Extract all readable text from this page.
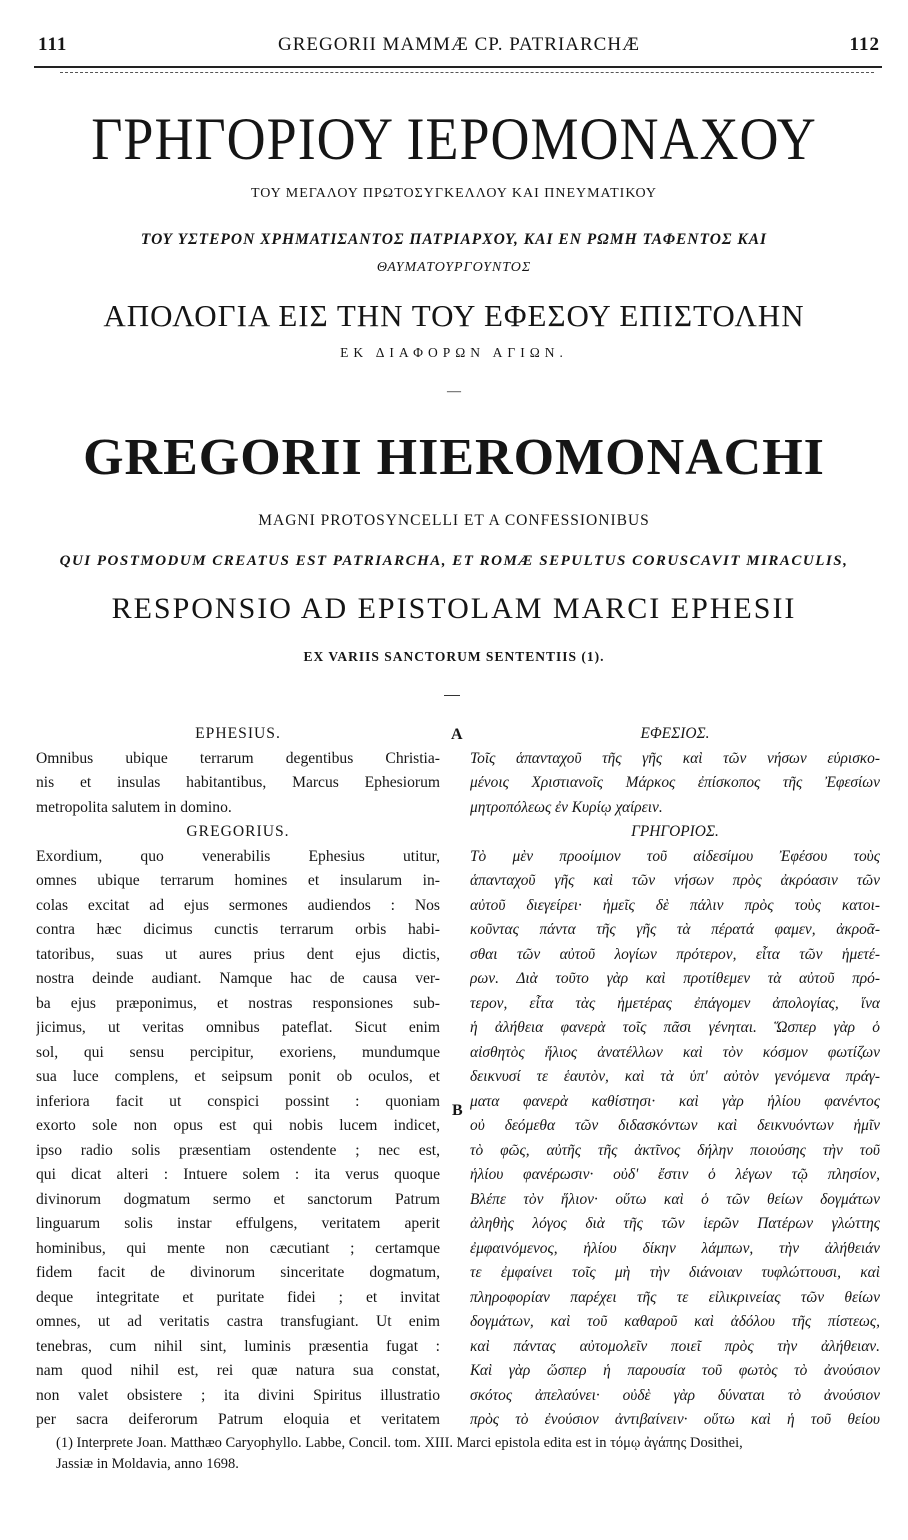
111	GREGORII MAMMÆ CP. PATRIARCHÆ	112
ΓΡΗΓΟΡΙΟΥ ΙΕΡΟΜΟΝΑΧΟΥ
ΤΟΥ ΜΕΓΑΛΟΥ ΠΡΩΤΟΣΥΓΚΕΛΛΟΥ ΚΑΙ ΠΝΕΥΜΑΤΙΚΟΥ
ΤΟΥ ΥΣΤΕΡΟΝ ΧΡΗΜΑΤΙΣΑΝΤΟΣ ΠΑΤΡΙΑΡΧΟΥ, ΚΑΙ ΕΝ ΡΩΜΗ ΤΑΦΕΝΤΟΣ ΚΑΙ
ΘΑΥΜΑΤΟΥΡΓΟΥΝΤΟΣ
ΑΠΟΛΟΓΙΑ ΕΙΣ ΤΗΝ ΤΟΥ ΕΦΕΣΟΥ ΕΠΙΣΤΟΛΗΝ
ΕΚ ΔΙΑΦΟΡΩΝ ΑΓΙΩΝ.
—
GREGORII HIEROMONACHI
MAGNI PROTOSYNCELLI ET A CONFESSIONIBUS
QUI POSTMODUM CREATUS EST PATRIARCHA, ET ROMÆ SEPULTUS CORUSCAVIT MIRACULIS,
RESPONSIO AD EPISTOLAM MARCI EPHESII
EX VARIIS SANCTORUM SENTENTIIS (1).
A
B
EPHESIUS.

Omnibus ubique terrarum degentibus Christia-
nis et insulas habitantibus, Marcus Ephesiorum
metropolita salutem in domino.

GREGORIUS.

Exordium, quo venerabilis Ephesius utitur,
omnes ubique terrarum homines et insularum in-
colas excitat ad ejus sermones audiendos : Nos
contra hæc dicimus cunctis terrarum orbis habi-
tatoribus, suas ut aures prius dent ejus dictis,
nostra deinde audiant. Namque hac de causa ver-
ba ejus præponimus, et nostras responsiones sub-
jicimus, ut veritas omnibus pateflat. Sicut enim
sol, qui sensu percipitur, exoriens, mundumque
sua luce complens, et seipsum ponit ob oculos, et
inferiora facit ut conspici possint : quoniam
exorto sole non opus est qui nobis lucem indicet,
ipso radio solis præsentiam ostendente ; nec est,
qui dicat alteri : Intuere solem : ita verus quoque
divinorum dogmatum sermo et sanctorum Patrum
linguarum solis instar effulgens, veritatem aperit
hominibus, qui mente non cæcutiant ; certamque
fidem facit de divinorum sinceritate dogmatum,
deque integritate et puritate fidei ; et invitat
omnes, ut ad veritatis castra transfugiant. Ut enim
tenebras, cum nihil sint, luminis præsentia fugat :
nam quod nihil est, rei quæ natura sua constat,
non valet obsistere ; ita divini Spiritus illustratio
per sacra deiferorum Patrum eloquia et veritatem

ΕΦΕΣΙΟΣ.

Τοῖς ἁπανταχοῦ τῆς γῆς καὶ τῶν νήσων εὑρισκο-
μένοις Χριστιανοῖς Μάρκος ἐπίσκοπος τῆς Ἐφεσίων
μητροπόλεως ἐν Κυρίῳ χαίρειν.

ΓΡΗΓΟΡΙΟΣ.

Τὸ μὲν προοίμιον τοῦ αἰδεσίμου Ἐφέσου τοὺς
ἁπανταχοῦ γῆς καὶ τῶν νήσων πρὸς ἀκρόασιν τῶν
αὐτοῦ διεγείρει· ἡμεῖς δὲ πάλιν πρὸς τοὺς κατοι-
κοῦντας πάντα τῆς γῆς τὰ πέρατά φαμεν, ἀκροᾶ-
σθαι τῶν αὐτοῦ λογίων πρότερον, εἶτα τῶν ἡμετέ-
ρων. Διὰ τοῦτο γὰρ καὶ προτίθεμεν τὰ αὐτοῦ πρό-
τερον, εἶτα τὰς ἡμετέρας ἐπάγομεν ἀπολογίας, ἵνα
ἡ ἀλήθεια φανερὰ τοῖς πᾶσι γένηται. Ὥσπερ γὰρ ὁ
αἰσθητὸς ἥλιος ἀνατέλλων καὶ τὸν κόσμον φωτίζων
δεικνυσί τε ἑαυτὸν, καὶ τὰ ὑπ' αὐτὸν γενόμενα πράγ-
ματα φανερὰ καθίστησι· καὶ γὰρ ἡλίου φανέντος
οὐ δεόμεθα τῶν διδασκόντων καὶ δεικνυόντων ἡμῖν
τὸ φῶς, αὐτῆς τῆς ἀκτῖνος δήλην ποιούσης τὴν τοῦ
ἡλίου φανέρωσιν· οὐδ' ἔστιν ὁ λέγων τῷ πλησίον,
Βλέπε τὸν ἥλιον· οὕτω καὶ ὁ τῶν θείων δογμάτων
ἀληθὴς λόγος διὰ τῆς τῶν ἱερῶν Πατέρων γλώττης
ἐμφαινόμενος, ἡλίου δίκην λάμπων, τὴν ἀλήθειάν
τε ἐμφαίνει τοῖς μὴ τὴν διάνοιαν τυφλώττουσι, καὶ
πληροφορίαν παρέχει τῆς τε εἰλικρινείας τῶν θείων
δογμάτων, καὶ τοῦ καθαροῦ καὶ ἀδόλου τῆς πίστεως,
καὶ πάντας αὐτομολεῖν ποιεῖ πρὸς τὴν ἀλήθειαν.
Καὶ γὰρ ὥσπερ ἡ παρουσία τοῦ φωτὸς τὸ ἀνούσιον
σκότος ἀπελαύνει· οὐδὲ γὰρ δύναται τὸ ἀνούσιον
πρὸς τὸ ἐνούσιον ἀντιβαίνειν· οὕτω καὶ ἡ τοῦ θείου

(1) Interprete Joan. Matthæo Caryophyllo. Labbe, Concil. tom. XIII. Marci epistola edita est in τόμῳ ἀγάπης Dosithei,
Jassiæ in Moldavia, anno 1698.
